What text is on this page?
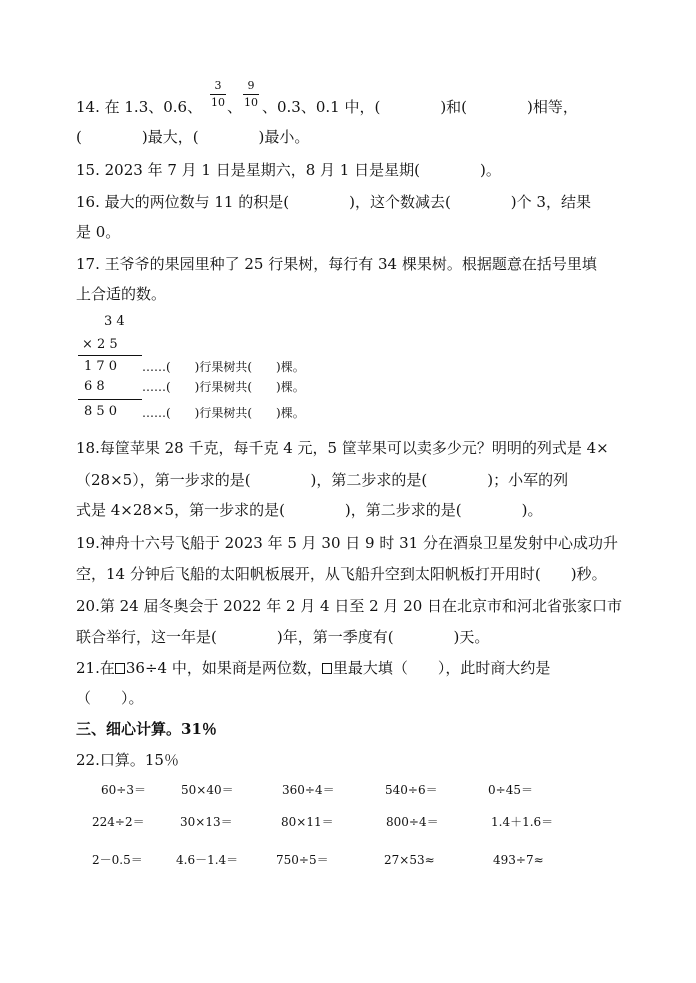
3
10
9
10
14. 在 1.3、0.6、 、 、0.3、0.1 中，(　　　　)和(　　　　)相等，
(　　　　)最大，(　　　　)最小。
15. 2023 年 7 月 1 日是星期六，8 月 1 日是星期(　　　　)。
16. 最大的两位数与 11 的积是(　　　　)，这个数减去(　　　　)个 3，结果
是 0。
17. 王爷爷的果园里种了 25 行果树，每行有 34 棵果树。根据题意在括号里填
上合适的数。
3 4
× 2 5
1 7 0
6 8
8 5 0
……(　　)行果树共(　　)棵。
……(　　)行果树共(　　)棵。
……(　　)行果树共(　　)棵。
18.每筐苹果 28 千克，每千克 4 元，5 筐苹果可以卖多少元？明明的列式是 4×
（28×5），第一步求的是(　　　　)，第二步求的是(　　　　)；小军的列
式是 4×28×5，第一步求的是(　　　　)，第二步求的是(　　　　)。
19.神舟十六号飞船于 2023 年 5 月 30 日 9 时 31 分在酒泉卫星发射中心成功升
空，14 分钟后飞船的太阳帆板展开，从飞船升空到太阳帆板打开用时(　　)秒。
20.第 24 届冬奥会于 2022 年 2 月 4 日至 2 月 20 日在北京市和河北省张家口市
联合举行，这一年是(　　　　)年，第一季度有(　　　　)天。
21.在 36÷4 中，如果商是两位数， 里最大填（　　），此时商大约是
（　　）。
三、细心计算。31％
22.口算。15％
60÷3＝	50×40＝	360÷4＝	540÷6＝	0÷45＝
224÷2＝	30×13＝	80×11＝	800÷4＝	1.4＋1.6＝
2－0.5＝	4.6－1.4＝	750÷5＝	27×53≈	493÷7≈
